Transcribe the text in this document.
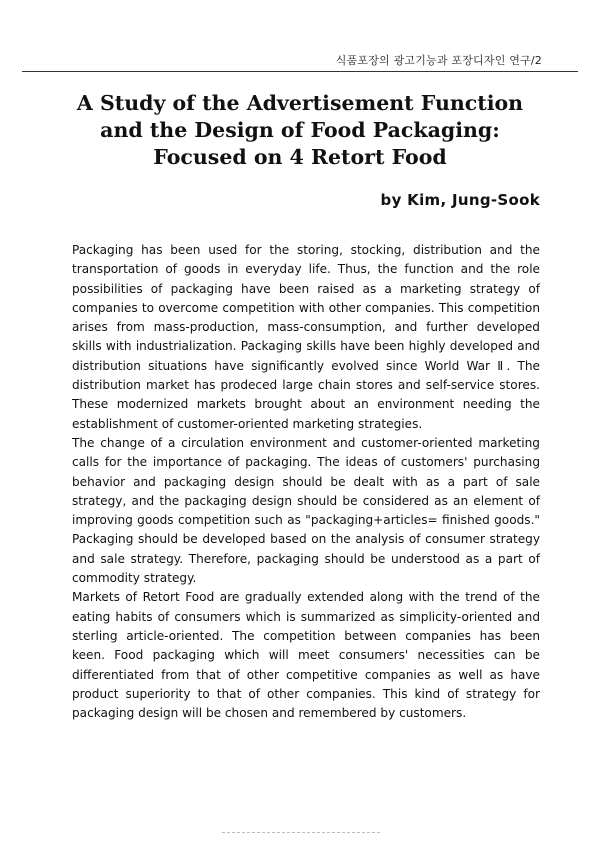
식품포장의 광고기능과 포장디자인 연구/2
A Study of the Advertisement Function
and the Design of Food Packaging:
Focused on 4 Retort Food
by Kim, Jung-Sook

Packaging has been used for the storing, stocking, distribution and the transportation of goods in everyday life. Thus, the function and the role possibilities of packaging have been raised as a marketing strategy of companies to overcome competition with other companies. This competition arises from mass-production, mass-consumption, and further developed skills with industrialization. Packaging skills have been highly developed and distribution situations have significantly evolved since World War Ⅱ. The distribution market has prodeced large chain stores and self-service stores. These modernized markets brought about an environment needing the establishment of customer-oriented marketing strategies.

The change of a circulation environment and customer-oriented marketing calls for the importance of packaging. The ideas of customers' purchasing behavior and packaging design should be dealt with as a part of sale strategy, and the packaging design should be considered as an element of improving goods competition such as "packaging+articles= finished goods." Packaging should be developed based on the analysis of consumer strategy and sale strategy. Therefore, packaging should be understood as a part of commodity strategy.

Markets of Retort Food are gradually extended along with the trend of the eating habits of consumers which is summarized as simplicity-oriented and sterling article-oriented. The competition between companies has been keen. Food packaging which will meet consumers' necessities can be differentiated from that of other competitive companies as well as have product superiority to that of other companies. This kind of strategy for packaging design will be chosen and remembered by customers.
